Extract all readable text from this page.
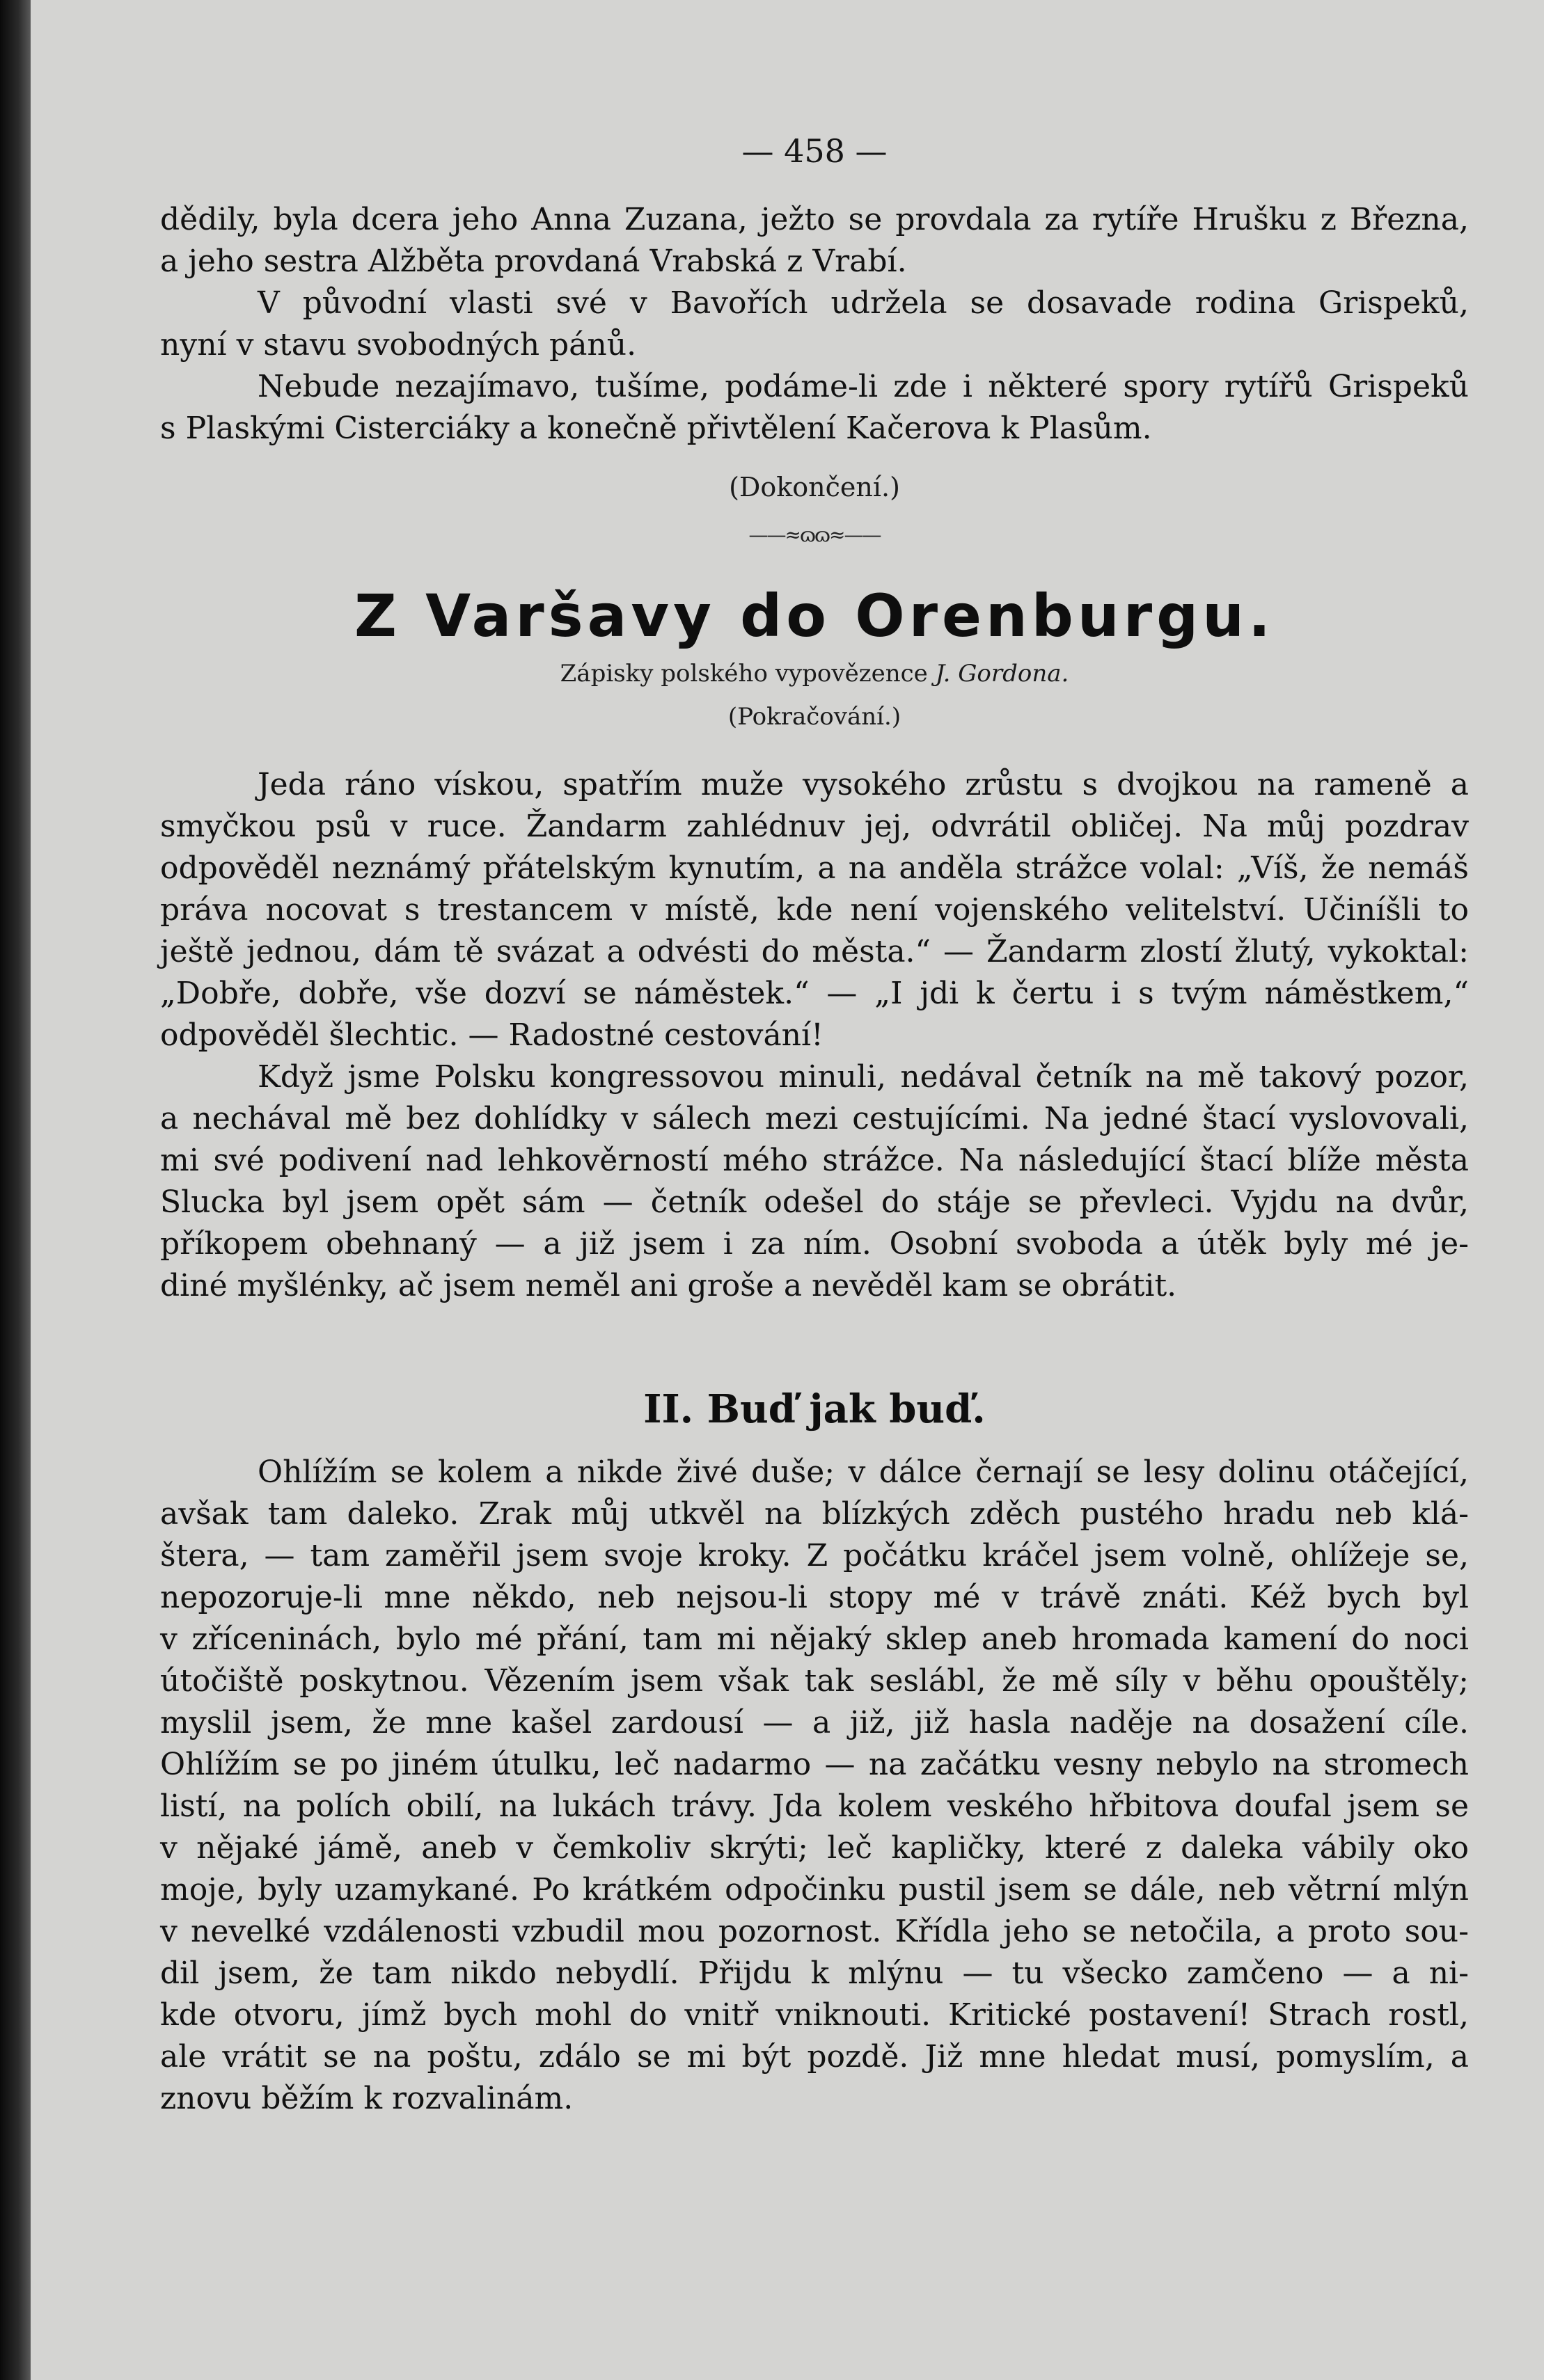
— 458 —
dědily, byla dcera jeho Anna Zuzana, ježto se provdala za rytíře Hrušku z Března,
a jeho sestra Alžběta provdaná Vrabská z Vrabí.
V původní vlasti své v Bavořích udržela se dosavade rodina Grispeků,
nyní v stavu svobodných pánů.
Nebude nezajímavo, tušíme, podáme-li zde i některé spory rytířů Grispeků
s Plaskými Cisterciáky a konečně přivtělení Kačerova k Plasům.
(Dokončení.)
——≈ɷɷ≈——
Z Varšavy do Orenburgu.
Zápisky polského vypovězence J. Gordona.
(Pokračování.)
Jeda ráno vískou, spatřím muže vysokého zrůstu s dvojkou na rameně a
smyčkou psů v ruce. Žandarm zahlédnuv jej, odvrátil obličej. Na můj pozdrav
odpověděl neznámý přátelským kynutím, a na anděla strážce volal: „Víš, že nemáš
práva nocovat s trestancem v místě, kde není vojenského velitelství. Učiníšli to
ještě jednou, dám tě svázat a odvésti do města.“ — Žandarm zlostí žlutý, vykoktal:
„Dobře, dobře, vše dozví se náměstek.“ — „I jdi k čertu i s tvým náměstkem,“
odpověděl šlechtic. — Radostné cestování!
Když jsme Polsku kongressovou minuli, nedával četník na mě takový pozor,
a nechával mě bez dohlídky v sálech mezi cestujícími. Na jedné štací vyslovovali,
mi své podivení nad lehkověrností mého strážce. Na následující štací blíže města
Slucka byl jsem opět sám — četník odešel do stáje se převleci. Vyjdu na dvůr,
příkopem obehnaný — a již jsem i za ním. Osobní svoboda a útěk byly mé je-
diné myšlénky, ač jsem neměl ani groše a nevěděl kam se obrátit.
II. Buď jak buď.
Ohlížím se kolem a nikde živé duše; v dálce černají se lesy dolinu otáčející,
avšak tam daleko. Zrak můj utkvěl na blízkých zděch pustého hradu neb klá-
štera, — tam zaměřil jsem svoje kroky. Z počátku kráčel jsem volně, ohlížeje se,
nepozoruje-li mne někdo, neb nejsou-li stopy mé v trávě znáti. Kéž bych byl
v zříceninách, bylo mé přání, tam mi nějaký sklep aneb hromada kamení do noci
útočiště poskytnou. Vězením jsem však tak seslábl, že mě síly v běhu opouštěly;
myslil jsem, že mne kašel zardousí — a již, již hasla naděje na dosažení cíle.
Ohlížím se po jiném útulku, leč nadarmo — na začátku vesny nebylo na stromech
listí, na polích obilí, na lukách trávy. Jda kolem veského hřbitova doufal jsem se
v nějaké jámě, aneb v čemkoliv skrýti; leč kapličky, které z daleka vábily oko
moje, byly uzamykané. Po krátkém odpočinku pustil jsem se dále, neb větrní mlýn
v nevelké vzdálenosti vzbudil mou pozornost. Křídla jeho se netočila, a proto sou-
dil jsem, že tam nikdo nebydlí. Přijdu k mlýnu — tu všecko zamčeno — a ni-
kde otvoru, jímž bych mohl do vnitř vniknouti. Kritické postavení! Strach rostl,
ale vrátit se na poštu, zdálo se mi být pozdě. Již mne hledat musí, pomyslím, a
znovu běžím k rozvalinám.
